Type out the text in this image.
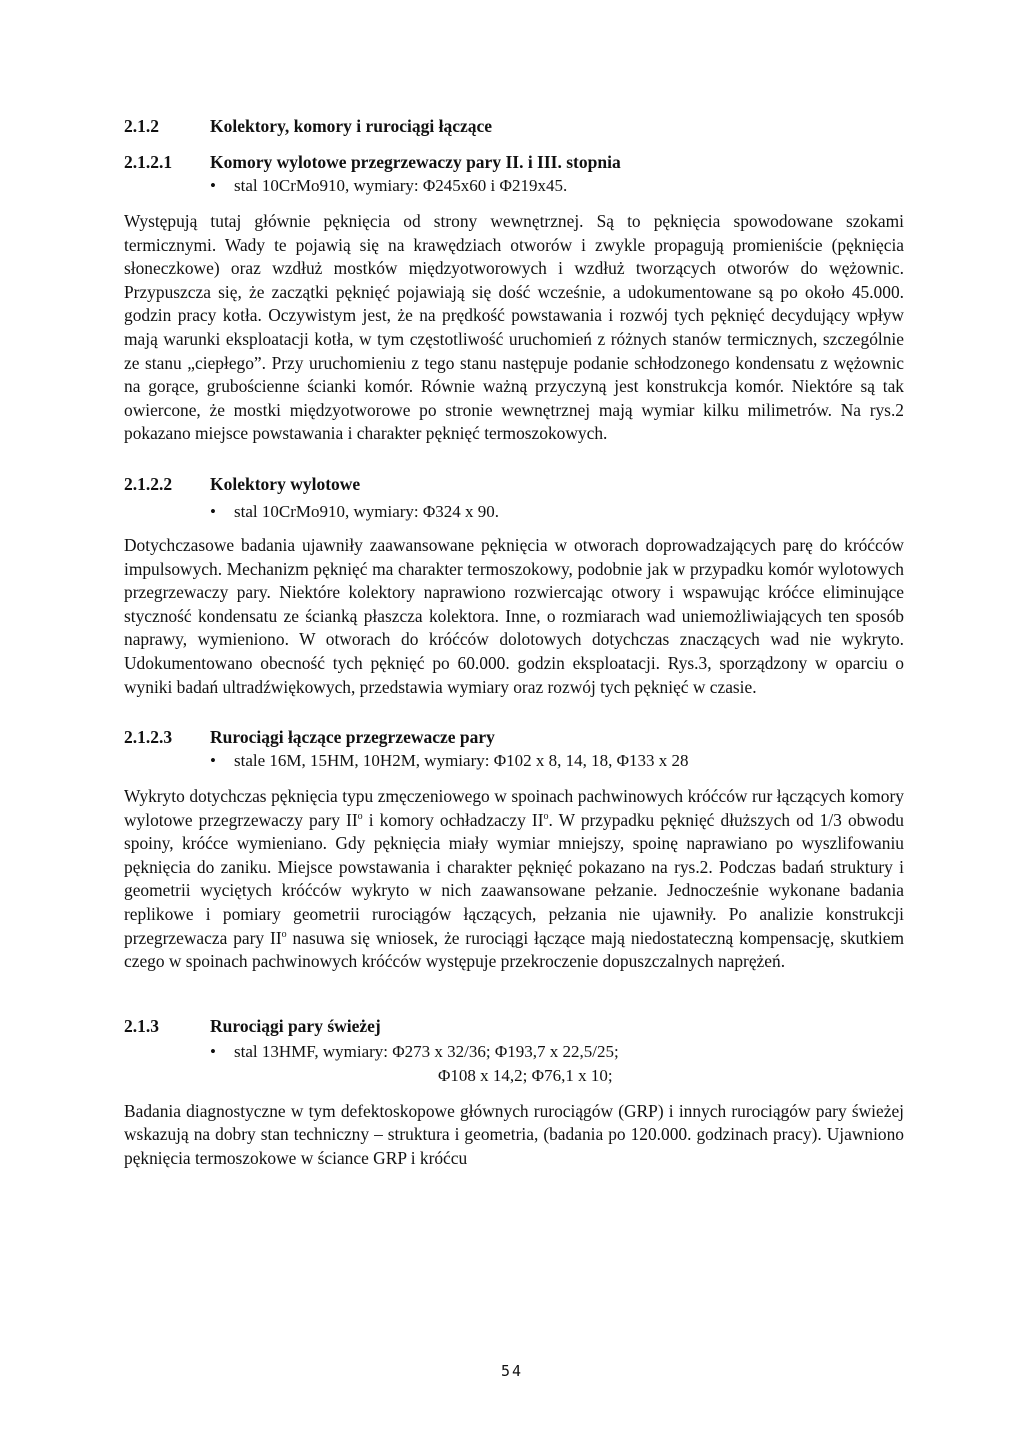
2.1.2	Kolektory, komory i rurociągi łączące
2.1.2.1	Komory wylotowe przegrzewaczy pary II. i III. stopnia
• stal 10CrMo910, wymiary: Φ245x60 i Φ219x45.

Występują tutaj głównie pęknięcia od strony wewnętrznej. Są to pęknięcia spowodowane szokami termicznymi. Wady te pojawią się na krawędziach otworów i zwykle propagują promieniście (pęknięcia słoneczkowe) oraz wzdłuż mostków międzyotworowych i wzdłuż tworzących otworów do wężownic. Przypuszcza się, że zaczątki pęknięć pojawiają się dość wcześnie, a udokumentowane są po około 45.000. godzin pracy kotła. Oczywistym jest, że na prędkość powstawania i rozwój tych pęknięć decydujący wpływ mają warunki eksploatacji kotła, w tym częstotliwość uruchomień z różnych stanów termicznych, szczególnie ze stanu „ciepłego”. Przy uruchomieniu z tego stanu następuje podanie schłodzonego kondensatu z wężownic na gorące, grubościenne ścianki komór. Równie ważną przyczyną jest konstrukcja komór. Niektóre są tak owiercone, że mostki międzyotworowe po stronie wewnętrznej mają wymiar kilku milimetrów. Na rys.2 pokazano miejsce powstawania i charakter pęknięć termoszokowych.

2.1.2.2	Kolektory wylotowe
• stal 10CrMo910, wymiary: Φ324 x 90.

Dotychczasowe badania ujawniły zaawansowane pęknięcia w otworach doprowadzających parę do króćców impulsowych. Mechanizm pęknięć ma charakter termoszokowy, podobnie jak w przypadku komór wylotowych przegrzewaczy pary. Niektóre kolektory naprawiono rozwiercając otwory i wspawując króćce eliminujące styczność kondensatu ze ścianką płaszcza kolektora. Inne, o rozmiarach wad uniemożliwiających ten sposób naprawy, wymieniono. W otworach do króćców dolotowych dotychczas znaczących wad nie wykryto. Udokumentowano obecność tych pęknięć po 60.000. godzin eksploatacji. Rys.3, sporządzony w oparciu o wyniki badań ultradźwiękowych, przedstawia wymiary oraz rozwój tych pęknięć w czasie.

2.1.2.3	Rurociągi łączące przegrzewacze pary
• stale 16M, 15HM, 10H2M, wymiary: Φ102 x 8, 14, 18, Φ133 x 28

Wykryto dotychczas pęknięcia typu zmęczeniowego w spoinach pachwinowych króćców rur łączących komory wylotowe przegrzewaczy pary $II^o$ i komory ochładzaczy $II^o$. W przypadku pęknięć dłuższych od 1/3 obwodu spoiny, króćce wymieniano. Gdy pęknięcia miały wymiar mniejszy, spoinę naprawiano po wyszlifowaniu pęknięcia do zaniku. Miejsce powstawania i charakter pęknięć pokazano na rys.2. Podczas badań struktury i geometrii wyciętych króćców wykryto w nich zaawansowane pełzanie. Jednocześnie wykonane badania replikowe i pomiary geometrii rurociągów łączących, pełzania nie ujawniły. Po analizie konstrukcji przegrzewacza pary $II^o$ nasuwa się wniosek, że rurociągi łączące mają niedostateczną kompensację, skutkiem czego w spoinach pachwinowych króćców występuje przekroczenie dopuszczalnych naprężeń.

2.1.3	Rurociągi pary świeżej
• stal 13HMF, wymiary: Φ273 x 32/36; Φ193,7 x 22,5/25;
Φ108 x 14,2; Φ76,1 x 10;

Badania diagnostyczne w tym defektoskopowe głównych rurociągów (GRP) i innych rurociągów pary świeżej wskazują na dobry stan techniczny – struktura i geometria, (badania po 120.000. godzinach pracy). Ujawniono pęknięcia termoszokowe w ściance GRP i króćcu

54
